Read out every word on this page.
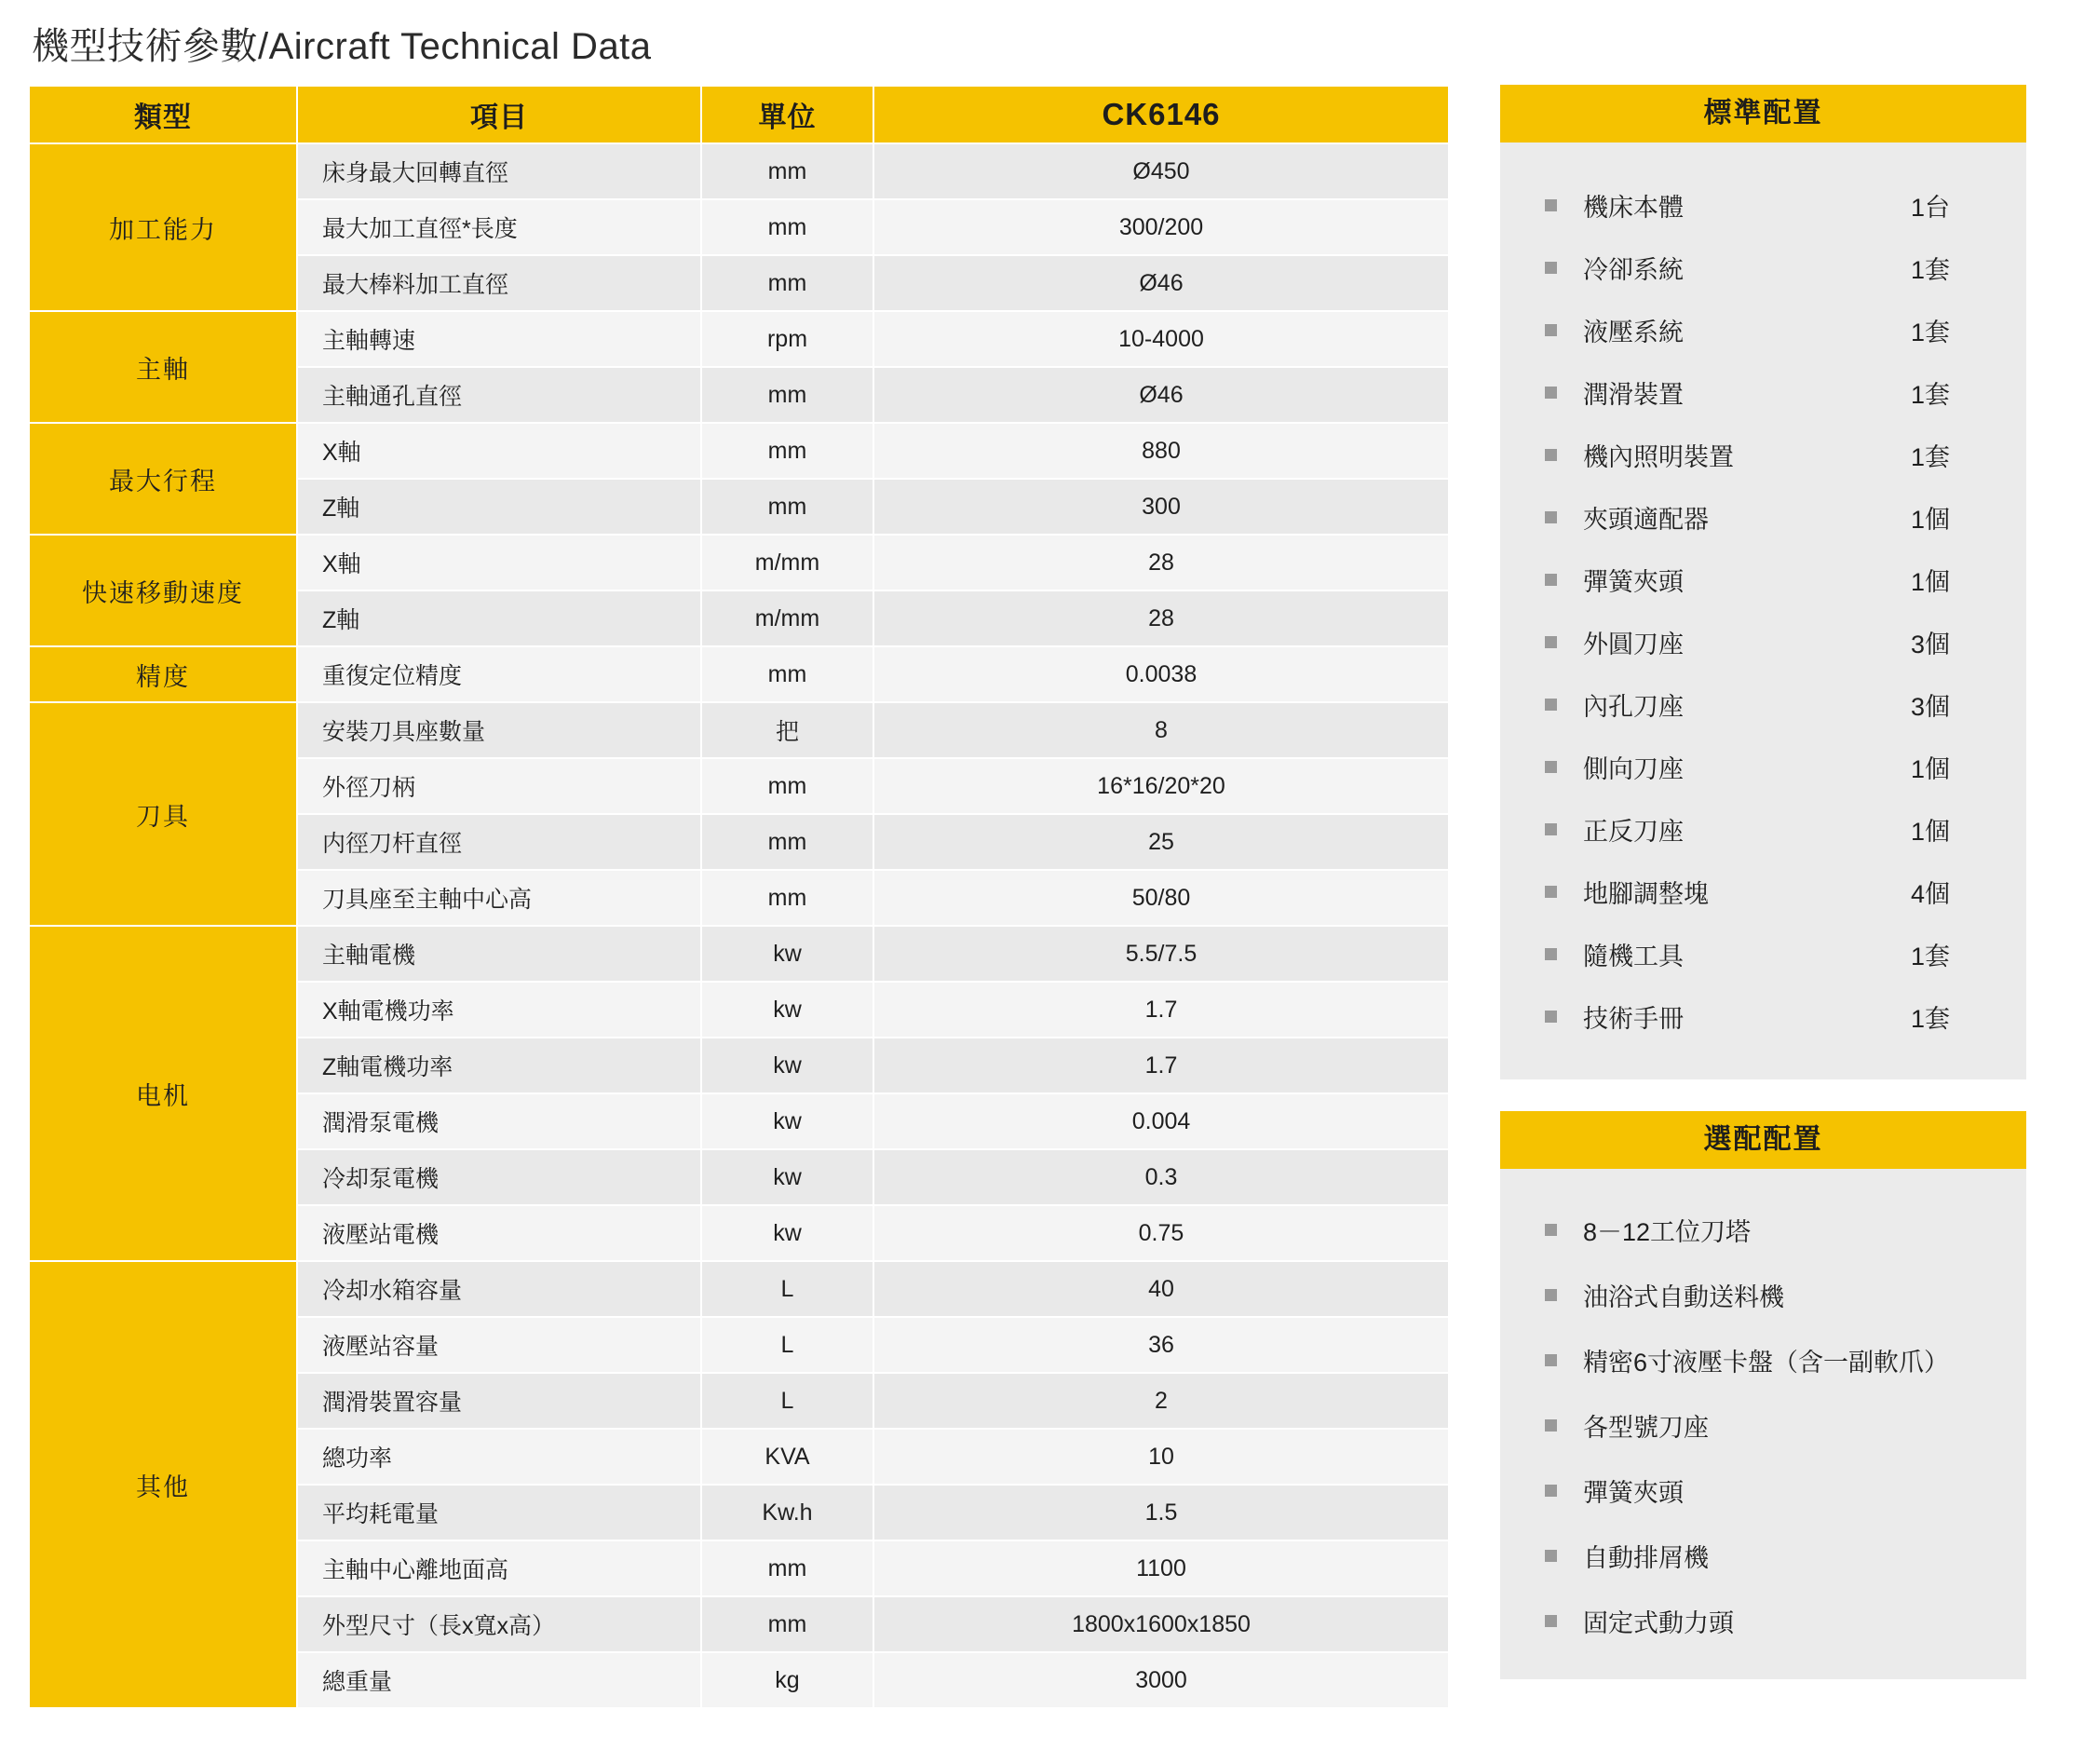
機型技術參數/Aircraft Technical Data
類型	項目	單位	CK6146
加工能力	床身最大回轉直徑	mm	Ø450
	最大加工直徑*長度	mm	300/200
	最大棒料加工直徑	mm	Ø46
主軸	主軸轉速	rpm	10-4000
	主軸通孔直徑	mm	Ø46
最大行程	X軸	mm	880
	Z軸	mm	300
快速移動速度	X軸	m/mm	28
	Z軸	m/mm	28
精度	重復定位精度	mm	0.0038
刀具	安裝刀具座數量	把	8
	外徑刀柄	mm	16*16/20*20
	内徑刀杆直徑	mm	25
	刀具座至主軸中心高	mm	50/80
电机	主軸電機	kw	5.5/7.5
	X軸電機功率	kw	1.7
	Z軸電機功率	kw	1.7
	潤滑泵電機	kw	0.004
	冷却泵電機	kw	0.3
	液壓站電機	kw	0.75
其他	冷却水箱容量	L	40
	液壓站容量	L	36
	潤滑裝置容量	L	2
	總功率	KVA	10
	平均耗電量	Kw.h	1.5
	主軸中心離地面高	mm	1100
	外型尺寸（長x寬x高）	mm	1800x1600x1850
	總重量	kg	3000
標準配置
機床本體	1台
冷卻系統	1套
液壓系統	1套
潤滑裝置	1套
機內照明裝置	1套
夾頭適配器	1個
彈簧夾頭	1個
外圓刀座	3個
內孔刀座	3個
側向刀座	1個
正反刀座	1個
地腳調整塊	4個
隨機工具	1套
技術手冊	1套
選配配置
8－12工位刀塔
油浴式自動送料機
精密6寸液壓卡盤（含一副軟爪）
各型號刀座
彈簧夾頭
自動排屑機
固定式動力頭
